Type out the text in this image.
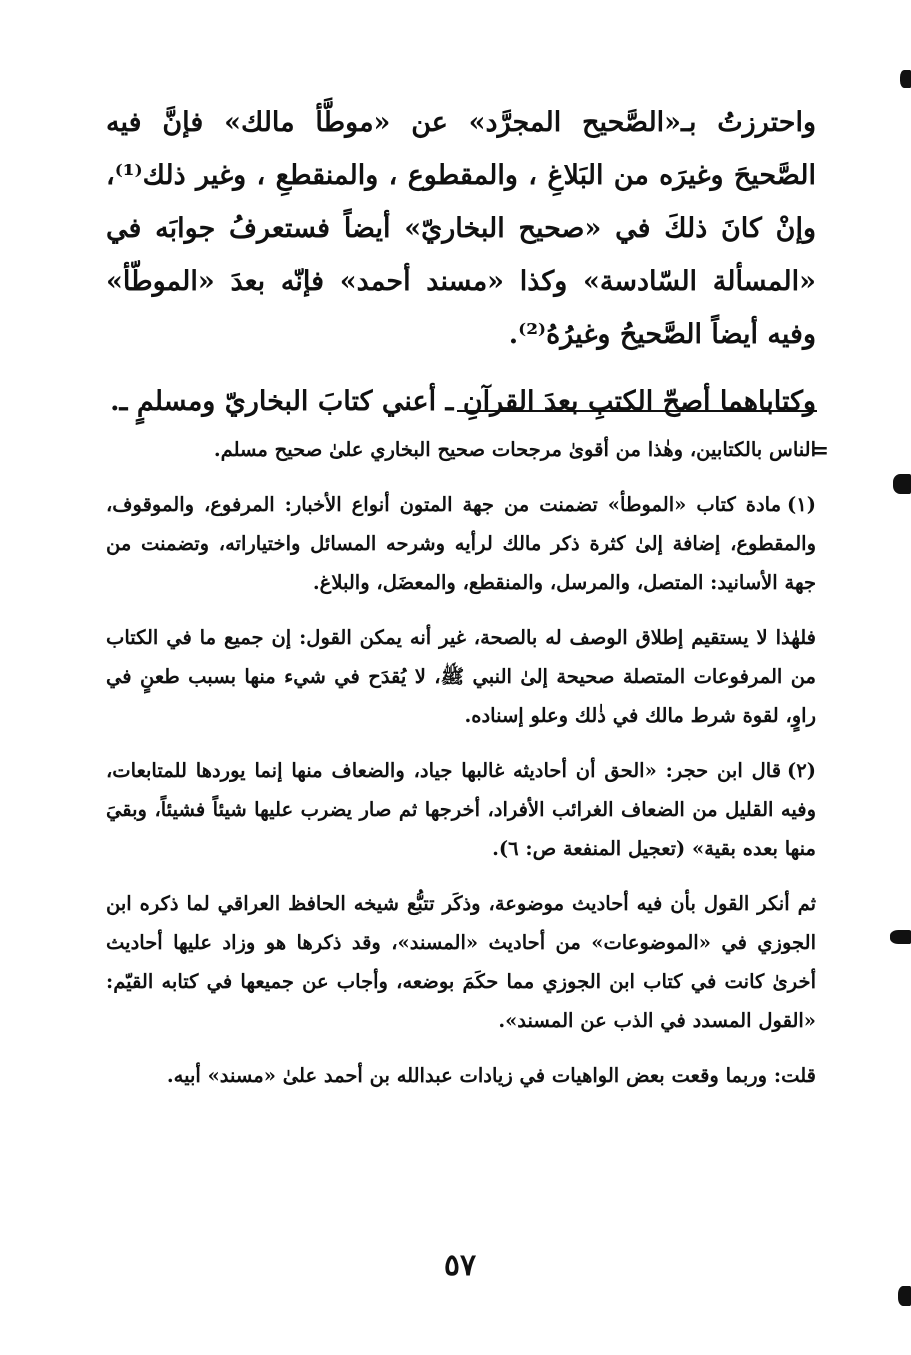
واحترزتُ بـ«الصَّحيح المجرَّد» عن «موطَّأ مالك» فإنَّ فيه الصَّحيحَ وغيرَه من البَلاغِ ، والمقطوع ، والمنقطعِ ، وغير ذلك⁽¹⁾، وإنْ كانَ ذلكَ في «صحيح البخاريّ» أيضاً فستعرفُ جوابَه في «المسألة السّادسة» وكذا «مسند أحمد» فإنّه بعدَ «الموطّأ» وفيه أيضاً الصَّحيحُ وغيرُهُ⁽²⁾.

وكتاباهما أصحّ الكتبِ بعدَ القرآنِ ـ أعني كتابَ البخاريّ ومسلمٍ ـ.

=

الناس بالكتابين، وهٰذا من أقوىٰ مرجحات صحيح البخاري علىٰ صحيح مسلم.

(١)مادة كتاب «الموطأ» تضمنت من جهة المتون أنواع الأخبار: المرفوع، والموقوف، والمقطوع، إضافة إلىٰ كثرة ذكر مالك لرأيه وشرحه المسائل واختياراته، وتضمنت من جهة الأسانيد: المتصل، والمرسل، والمنقطع، والمعضَل، والبلاغ.

فلهٰذا لا يستقيم إطلاق الوصف له بالصحة، غير أنه يمكن القول: إن جميع ما في الكتاب من المرفوعات المتصلة صحيحة إلىٰ النبي ﷺ، لا يُقدَح في شيء منها بسبب طعنٍ في راوٍ، لقوة شرط مالك في ذٰلك وعلو إسناده.

(٢)قال ابن حجر: «الحق أن أحاديثه غالبها جياد، والضعاف منها إنما يوردها للمتابعات، وفيه القليل من الضعاف الغرائب الأفراد، أخرجها ثم صار يضرب عليها شيئاً فشيئاً، وبقيَ منها بعده بقية» (تعجيل المنفعة ص: ٦).

ثم أنكر القول بأن فيه أحاديث موضوعة، وذكَر تتبُّع شيخه الحافظ العراقي لما ذكره ابن الجوزي في «الموضوعات» من أحاديث «المسند»، وقد ذكرها هو وزاد عليها أحاديث أخرىٰ كانت في كتاب ابن الجوزي مما حكَمَ بوضعه، وأجاب عن جميعها في كتابه القيّم: «القول المسدد في الذب عن المسند».

قلت: وربما وقعت بعض الواهيات في زيادات عبدالله بن أحمد علىٰ «مسند» أبيه.

٥٧
